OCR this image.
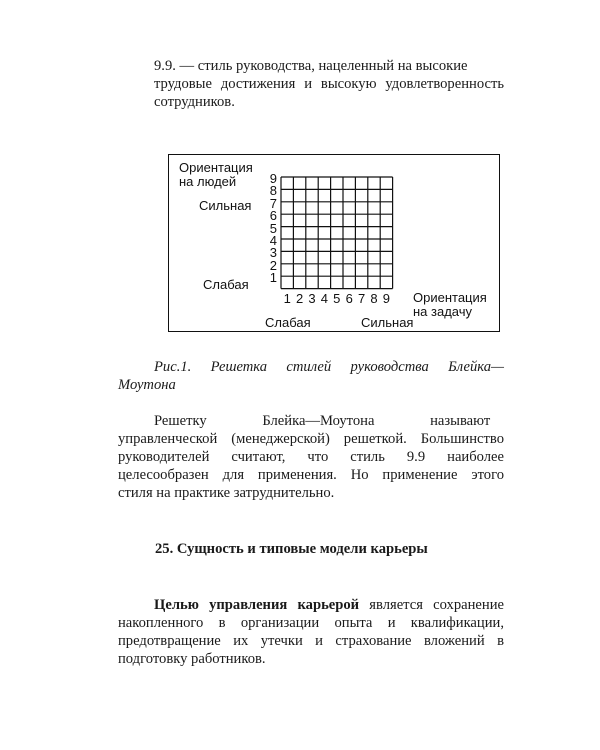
9.9. — стиль руководства, нацеленный на высокие
трудовые достижения и высокую удовлетворенность
сотрудников.
Ориентация
на людей
Сильная
Слабая
9
8
7
6
5
4
3
2
1
1 2 3 4 5 6 7 8 9 Ориентация
на задачу
Слабая	Сильная
Рис.1. Решетка стилей руководства Блейка—
Моутона
Решетку Блейка—Моутона называют
управленческой (менеджерской) решеткой. Большинство
руководителей считают, что стиль 9.9 наиболее
целесообразен для применения. Но применение этого
стиля на практике затруднительно.
25. Сущность и типовые модели карьеры
Целью управления карьерой является сохранение
накопленного в организации опыта и квалификации,
предотвращение их утечки и страхование вложений в
подготовку работников.
